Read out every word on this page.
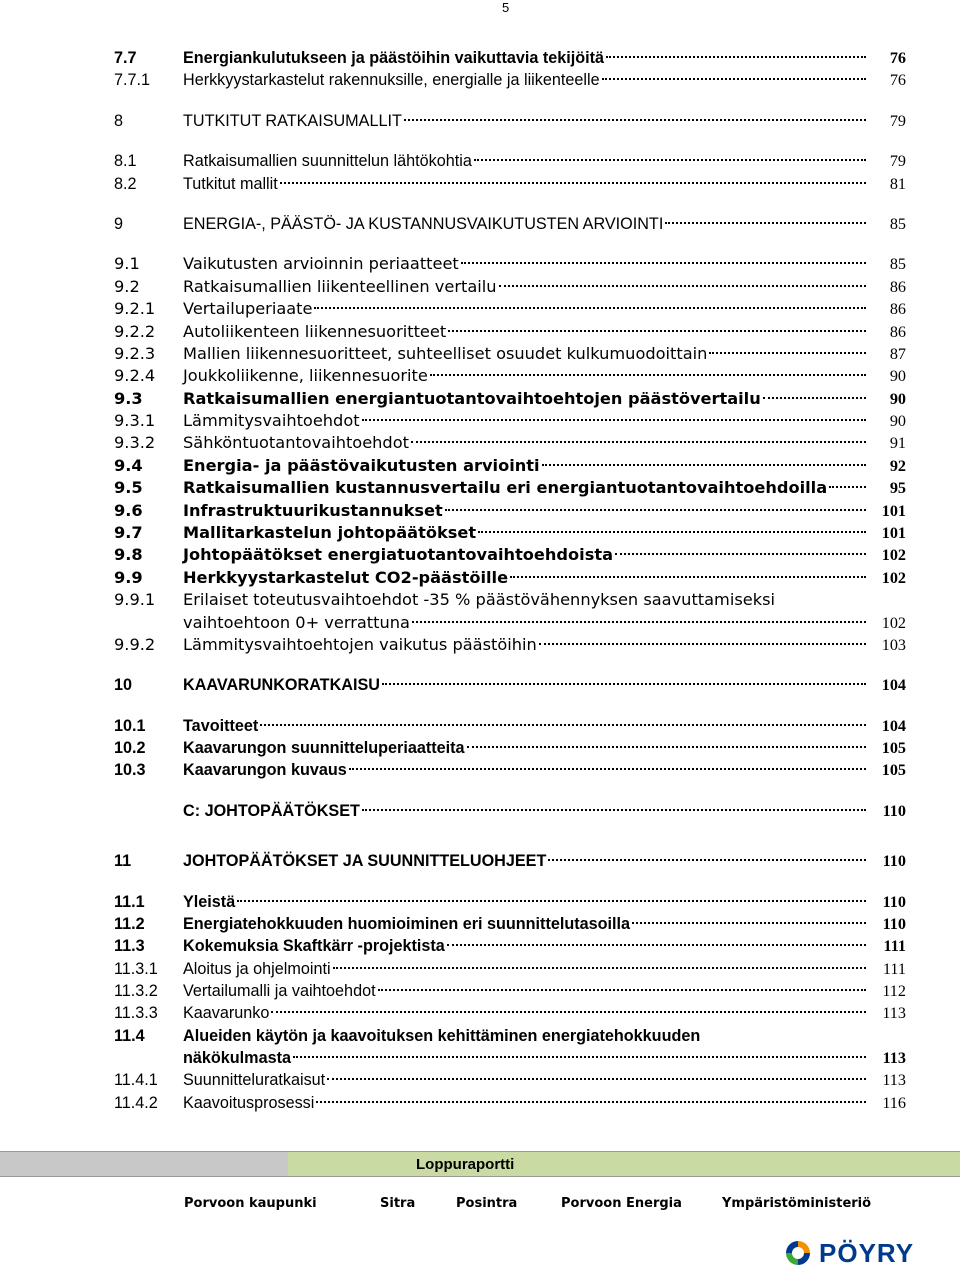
5
7.7	Energiankulutukseen ja päästöihin vaikuttavia tekijöitä	76
7.7.1 Herkkyystarkastelut rakennuksille, energialle ja liikenteelle	76
8	TUTKITUT RATKAISUMALLIT	79
8.1	Ratkaisumallien suunnittelun lähtökohtia	79
8.2	Tutkitut mallit	81
9	ENERGIA-, PÄÄSTÖ- JA KUSTANNUSVAIKUTUSTEN ARVIOINTI	85
9.1	Vaikutusten arvioinnin periaatteet	85
9.2	Ratkaisumallien liikenteellinen vertailu	86
9.2.1 Vertailuperiaate	86
9.2.2 Autoliikenteen liikennesuoritteet	86
9.2.3 Mallien liikennesuoritteet, suhteelliset osuudet kulkumuodoittain	87
9.2.4 Joukkoliikenne, liikennesuorite	90
9.3 Ratkaisumallien energiantuotantovaihtoehtojen päästövertailu	90
9.3.1 Lämmitysvaihtoehdot	90
9.3.2 Sähköntuotantovaihtoehdot	91
9.4 Energia- ja päästövaikutusten arviointi	92
9.5 Ratkaisumallien kustannusvertailu eri energiantuotantovaihtoehdoilla	95
9.6 Infrastruktuurikustannukset	101
9.7 Mallitarkastelun johtopäätökset	101
9.8 Johtopäätökset energiatuotantovaihtoehdoista	102
9.9 Herkkyystarkastelut CO2-päästöille	102
9.9.1 Erilaiset toteutusvaihtoehdot -35 % päästövähennyksen saavuttamiseksi
vaihtoehtoon 0+ verrattuna	102
9.9.2 Lämmitysvaihtoehtojen vaikutus päästöihin	103
10	KAAVARUNKORATKAISU	104
10.1 Tavoitteet	104
10.2 Kaavarungon suunnitteluperiaatteita	105
10.3 Kaavarungon kuvaus	105
C: JOHTOPÄÄTÖKSET	110
11	JOHTOPÄÄTÖKSET JA SUUNNITTELUOHJEET	110
11.1 Yleistä	110
11.2 Energiatehokkuuden huomioiminen eri suunnittelutasoilla	110
11.3 Kokemuksia Skaftkärr -projektista	111
11.3.1 Aloitus ja ohjelmointi	111
11.3.2 Vertailumalli ja vaihtoehdot	112
11.3.3 Kaavarunko	113
11.4 Alueiden käytön ja kaavoituksen kehittäminen energiatehokkuuden
näkökulmasta	113
11.4.1 Suunnitteluratkaisut	113
11.4.2 Kaavoitusprosessi	116
Loppuraportti
Porvoon kaupunki	Sitra	Posintra	Porvoon Energia	Ympäristöministeriö
PÖYRY
